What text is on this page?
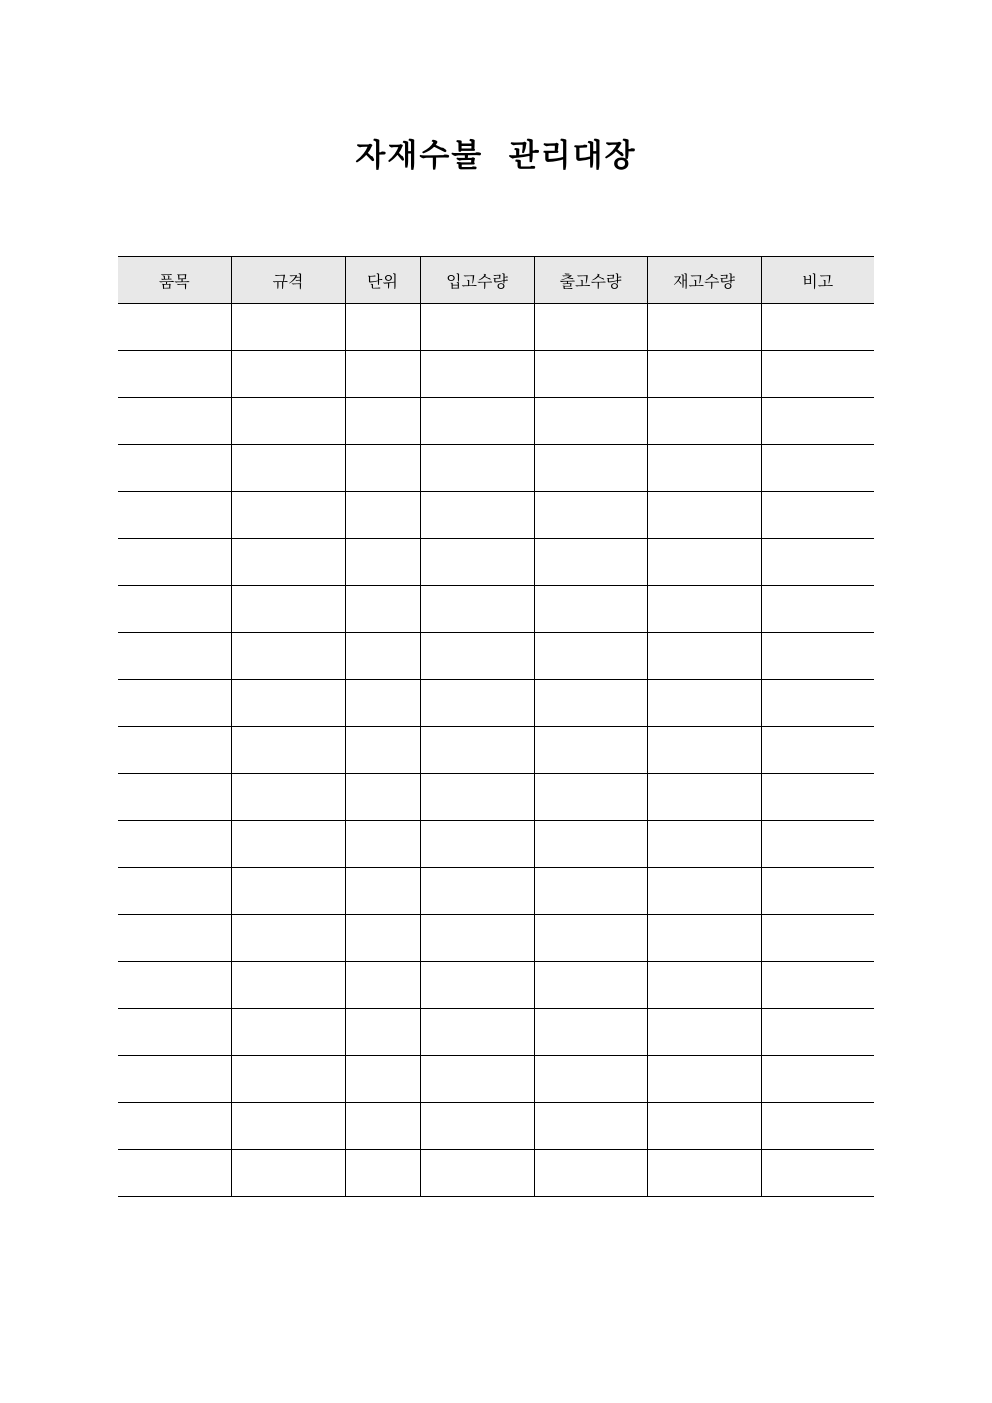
자재수불  관리대장
품목	규격	단위	입고수량	출고수량	재고수량	비고
